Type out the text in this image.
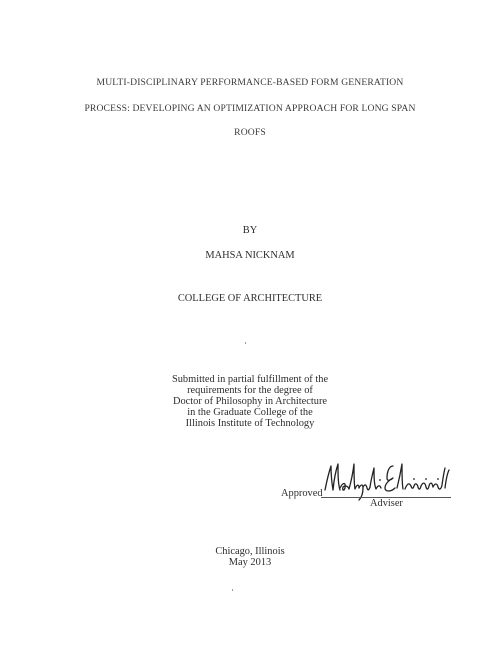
MULTI-DISCIPLINARY PERFORMANCE-BASED FORM GENERATION
PROCESS: DEVELOPING AN OPTIMIZATION APPROACH FOR LONG SPAN
ROOFS
BY
MAHSA NICKNAM
COLLEGE OF ARCHITECTURE
Submitted in partial fulfillment of the
requirements for the degree of
Doctor of Philosophy in Architecture
in the Graduate College of the
Illinois Institute of Technology
Approved
Adviser
Chicago, Illinois
May 2013
